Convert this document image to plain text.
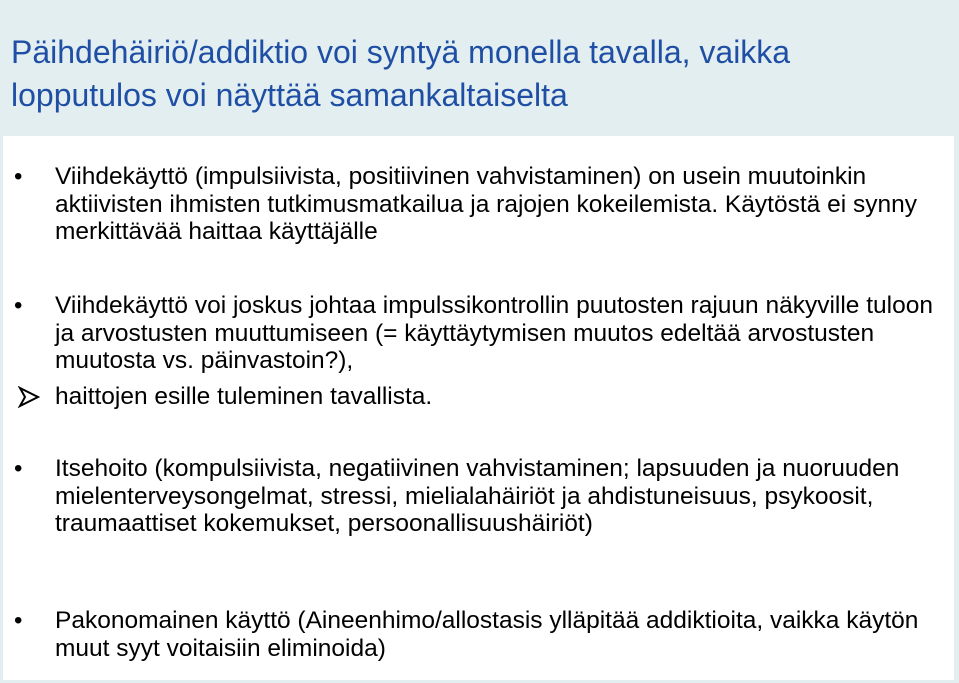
Päihdehäiriö/addiktio voi syntyä monella tavalla, vaikka lopputulos voi näyttää samankaltaiselta
• Viihdekäyttö (impulsiivista, positiivinen vahvistaminen) on usein muutoinkin aktiivisten ihmisten tutkimusmatkailua ja rajojen kokeilemista. Käytöstä ei synny merkittävää haittaa käyttäjälle
• Viihdekäyttö voi joskus johtaa impulssikontrollin puutosten rajuun näkyville tuloon ja arvostusten muuttumiseen (= käyttäytymisen muutos edeltää arvostusten muutosta vs. päinvastoin?),
haittojen esille tuleminen tavallista.
• Itsehoito (kompulsiivista, negatiivinen vahvistaminen; lapsuuden ja nuoruuden mielenterveysongelmat, stressi, mielialahäiriöt ja ahdistuneisuus, psykoosit, traumaattiset kokemukset, persoonallisuushäiriöt)
• Pakonomainen käyttö (Aineenhimo/allostasis ylläpitää addiktioita, vaikka käytön muut syyt voitaisiin eliminoida)
